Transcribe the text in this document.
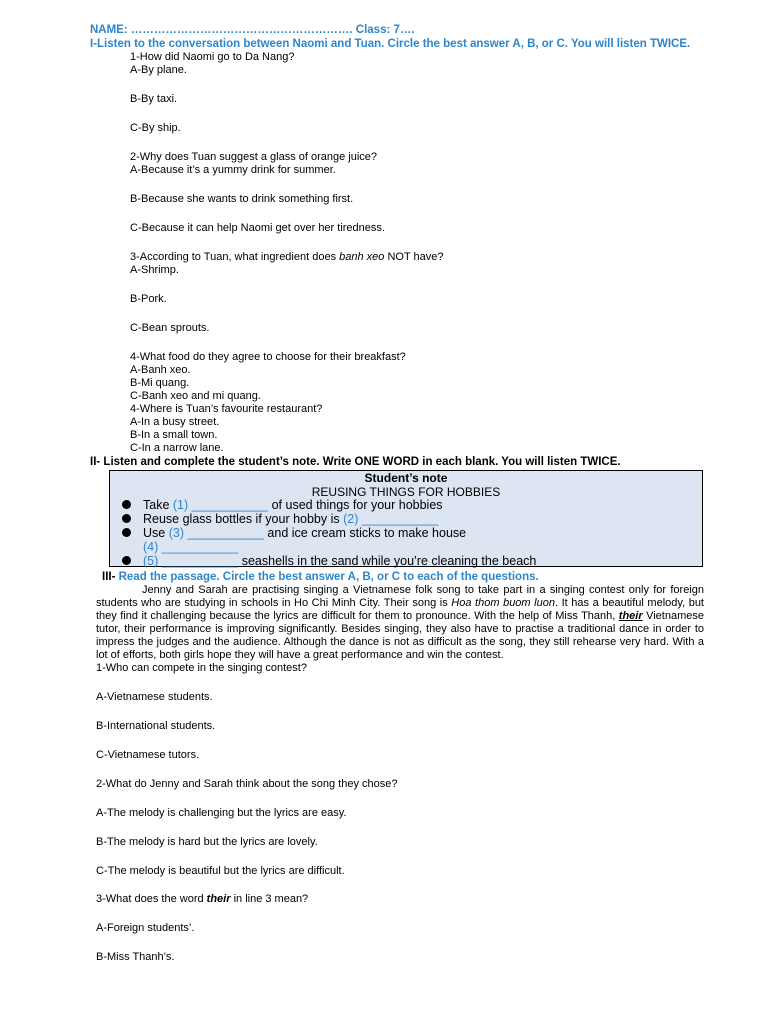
NAME: …………………………………………………. Class: 7….
I-Listen to the conversation between Naomi and Tuan. Circle the best answer A, B, or C. You will listen TWICE.
1-How did Naomi go to Da Nang?
A-By plane.
B-By taxi.
C-By ship.
2-Why does Tuan suggest a glass of orange juice?
A-Because it’s a yummy drink for summer.
B-Because she wants to drink something first.
C-Because it can help Naomi get over her tiredness.
3-According to Tuan, what ingredient does banh xeo NOT have?
A-Shrimp.
B-Pork.
C-Bean sprouts.
4-What food do they agree to choose for their breakfast?
A-Banh xeo.
B-Mi quang.
C-Banh xeo and mi quang.
4-Where is Tuan’s favourite restaurant?
A-In a busy street.
B-In a small town.
C-In a narrow lane.
II- Listen and complete the student’s note. Write ONE WORD in each blank. You will listen TWICE.
Student’s note
REUSING THINGS FOR HOBBIES
Take (1) ___________ of used things for your hobbies
Reuse glass bottles if your hobby is (2) ___________
Use (3) ___________ and ice cream sticks to make house
(4) ___________
(5) ___________ seashells in the sand while you’re cleaning the beach
III- Read the passage. Circle the best answer A, B, or C to each of the questions.

Jenny and Sarah are practising singing a Vietnamese folk song to take part in a singing contest only for foreign students who are studying in schools in Ho Chi Minh City. Their song is Hoa thom buom luon. It has a beautiful melody, but they find it challenging because the lyrics are difficult for them to pronounce. With the help of Miss Thanh, their Vietnamese tutor, their performance is improving significantly. Besides singing, they also have to practise a traditional dance in order to impress the judges and the audience. Although the dance is not as difficult as the song, they still rehearse very hard. With a lot of efforts, both girls hope they will have a great performance and win the contest.

1-Who can compete in the singing contest?
A-Vietnamese students.
B-International students.
C-Vietnamese tutors.
2-What do Jenny and Sarah think about the song they chose?
A-The melody is challenging but the lyrics are easy.
B-The melody is hard but the lyrics are lovely.
C-The melody is beautiful but the lyrics are difficult.
3-What does the word their in line 3 mean?
A-Foreign students’.
B-Miss Thanh’s.
